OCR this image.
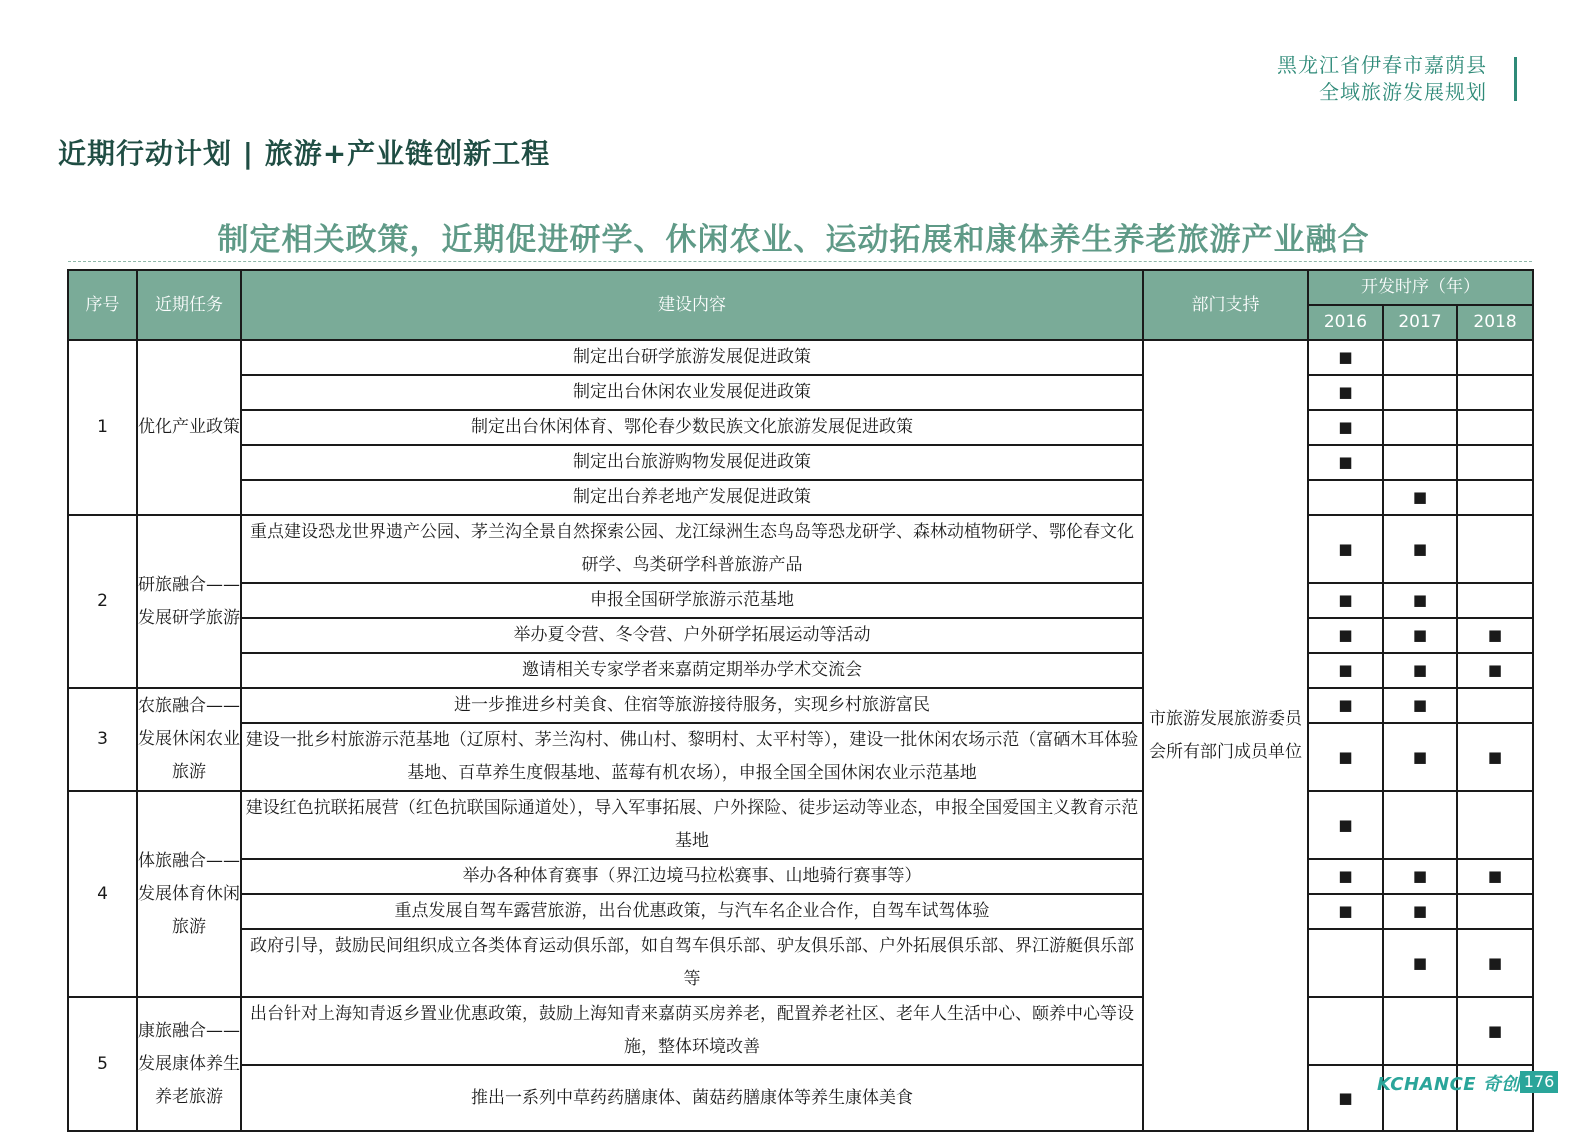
黑龙江省伊春市嘉荫县
全域旅游发展规划
近期行动计划 | 旅游+产业链创新工程
制定相关政策，近期促进研学、休闲农业、运动拓展和康体养生养老旅游产业融合
序号	近期任务	建设内容	部门支持	开发时序（年）		
				2016	2017	2018
1	优化产业政策	制定出台研学旅游发展促进政策	市旅游发展旅游委员会所有部门成员单位	■		
		制定出台休闲农业发展促进政策		■		
		制定出台休闲体育、鄂伦春少数民族文化旅游发展促进政策		■		
		制定出台旅游购物发展促进政策		■		
		制定出台养老地产发展促进政策			■	
2	研旅融合——发展研学旅游	重点建设恐龙世界遗产公园、茅兰沟全景自然探索公园、龙江绿洲生态鸟岛等恐龙研学、森林动植物研学、鄂伦春文化研学、鸟类研学科普旅游产品		■	■	
		申报全国研学旅游示范基地		■	■	
		举办夏令营、冬令营、户外研学拓展运动等活动		■	■	■
		邀请相关专家学者来嘉荫定期举办学术交流会		■	■	■
3	农旅融合——发展休闲农业旅游	进一步推进乡村美食、住宿等旅游接待服务，实现乡村旅游富民		■	■	
		建设一批乡村旅游示范基地（辽原村、茅兰沟村、佛山村、黎明村、太平村等），建设一批休闲农场示范（富硒木耳体验基地、百草养生度假基地、蓝莓有机农场），申报全国全国休闲农业示范基地		■	■	■
4	体旅融合——发展体育休闲旅游	建设红色抗联拓展营（红色抗联国际通道处），导入军事拓展、户外探险、徒步运动等业态，申报全国爱国主义教育示范基地		■		
		举办各种体育赛事（界江边境马拉松赛事、山地骑行赛事等）		■	■	■
		重点发展自驾车露营旅游，出台优惠政策，与汽车名企业合作，自驾车试驾体验		■	■	
		政府引导，鼓励民间组织成立各类体育运动俱乐部，如自驾车俱乐部、驴友俱乐部、户外拓展俱乐部、界江游艇俱乐部等			■	■
5	康旅融合——发展康体养生养老旅游	出台针对上海知青返乡置业优惠政策，鼓励上海知青来嘉荫买房养老，配置养老社区、老年人生活中心、颐养中心等设施，整体环境改善				■
		推出一系列中草药药膳康体、菌菇药膳康体等养生康体美食		■		
KCHANCE 奇创 176
